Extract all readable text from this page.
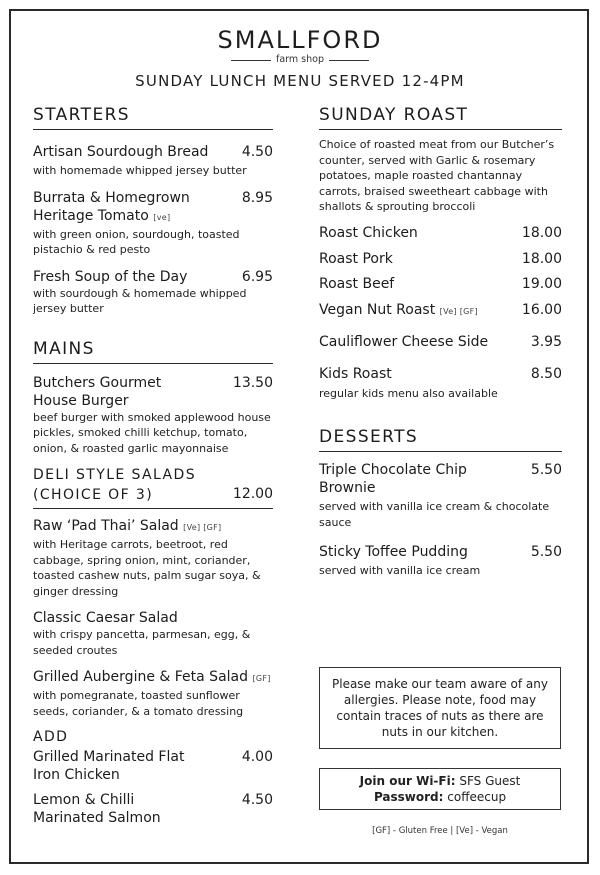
SMALLFORD
farm shop
SUNDAY LUNCH MENU SERVED 12-4PM
STARTERS
Artisan Sourdough Bread 4.50
with homemade whipped jersey butter
Burrata & Homegrown
Heritage Tomato [ve]
8.95
with green onion, sourdough, toasted pistachio & red pesto
Fresh Soup of the Day	6.95
with sourdough & homemade whipped jersey butter
MAINS
Butchers Gourmet
House Burger
13.50
beef burger with smoked applewood house pickles, smoked chilli ketchup, tomato, onion, & roasted garlic mayonnaise
DELI STYLE SALADS
(CHOICE OF 3)	12.00
Raw ‘Pad Thai’ Salad [Ve] [GF]
with Heritage carrots, beetroot, red cabbage, spring onion, mint, coriander, toasted cashew nuts, palm sugar soya, & ginger dressing
Classic Caesar Salad
with crispy pancetta, parmesan, egg, & seeded croutes
Grilled Aubergine & Feta Salad [GF]
with pomegranate, toasted sunflower seeds, coriander, & a tomato dressing
ADD
Grilled Marinated Flat
Iron Chicken
4.00
Lemon & Chilli
Marinated Salmon
4.50
SUNDAY ROAST
Choice of roasted meat from our Butcher’s counter, served with Garlic & rosemary potatoes, maple roasted chantannay carrots, braised sweetheart cabbage with shallots & sprouting broccoli
Roast Chicken	18.00
Roast Pork	18.00
Roast Beef	19.00
Vegan Nut Roast [Ve] [GF]	16.00
Cauliflower Cheese Side	3.95
Kids Roast	8.50
regular kids menu also available
DESSERTS
Triple Chocolate Chip
Brownie
5.50
served with vanilla ice cream & chocolate sauce
Sticky Toffee Pudding	5.50
served with vanilla ice cream
Please make our team aware of any allergies. Please note, food may contain traces of nuts as there are nuts in our kitchen.
Join our Wi-Fi: SFS Guest
Password: coffeecup
[GF] - Gluten Free | [Ve] - Vegan
